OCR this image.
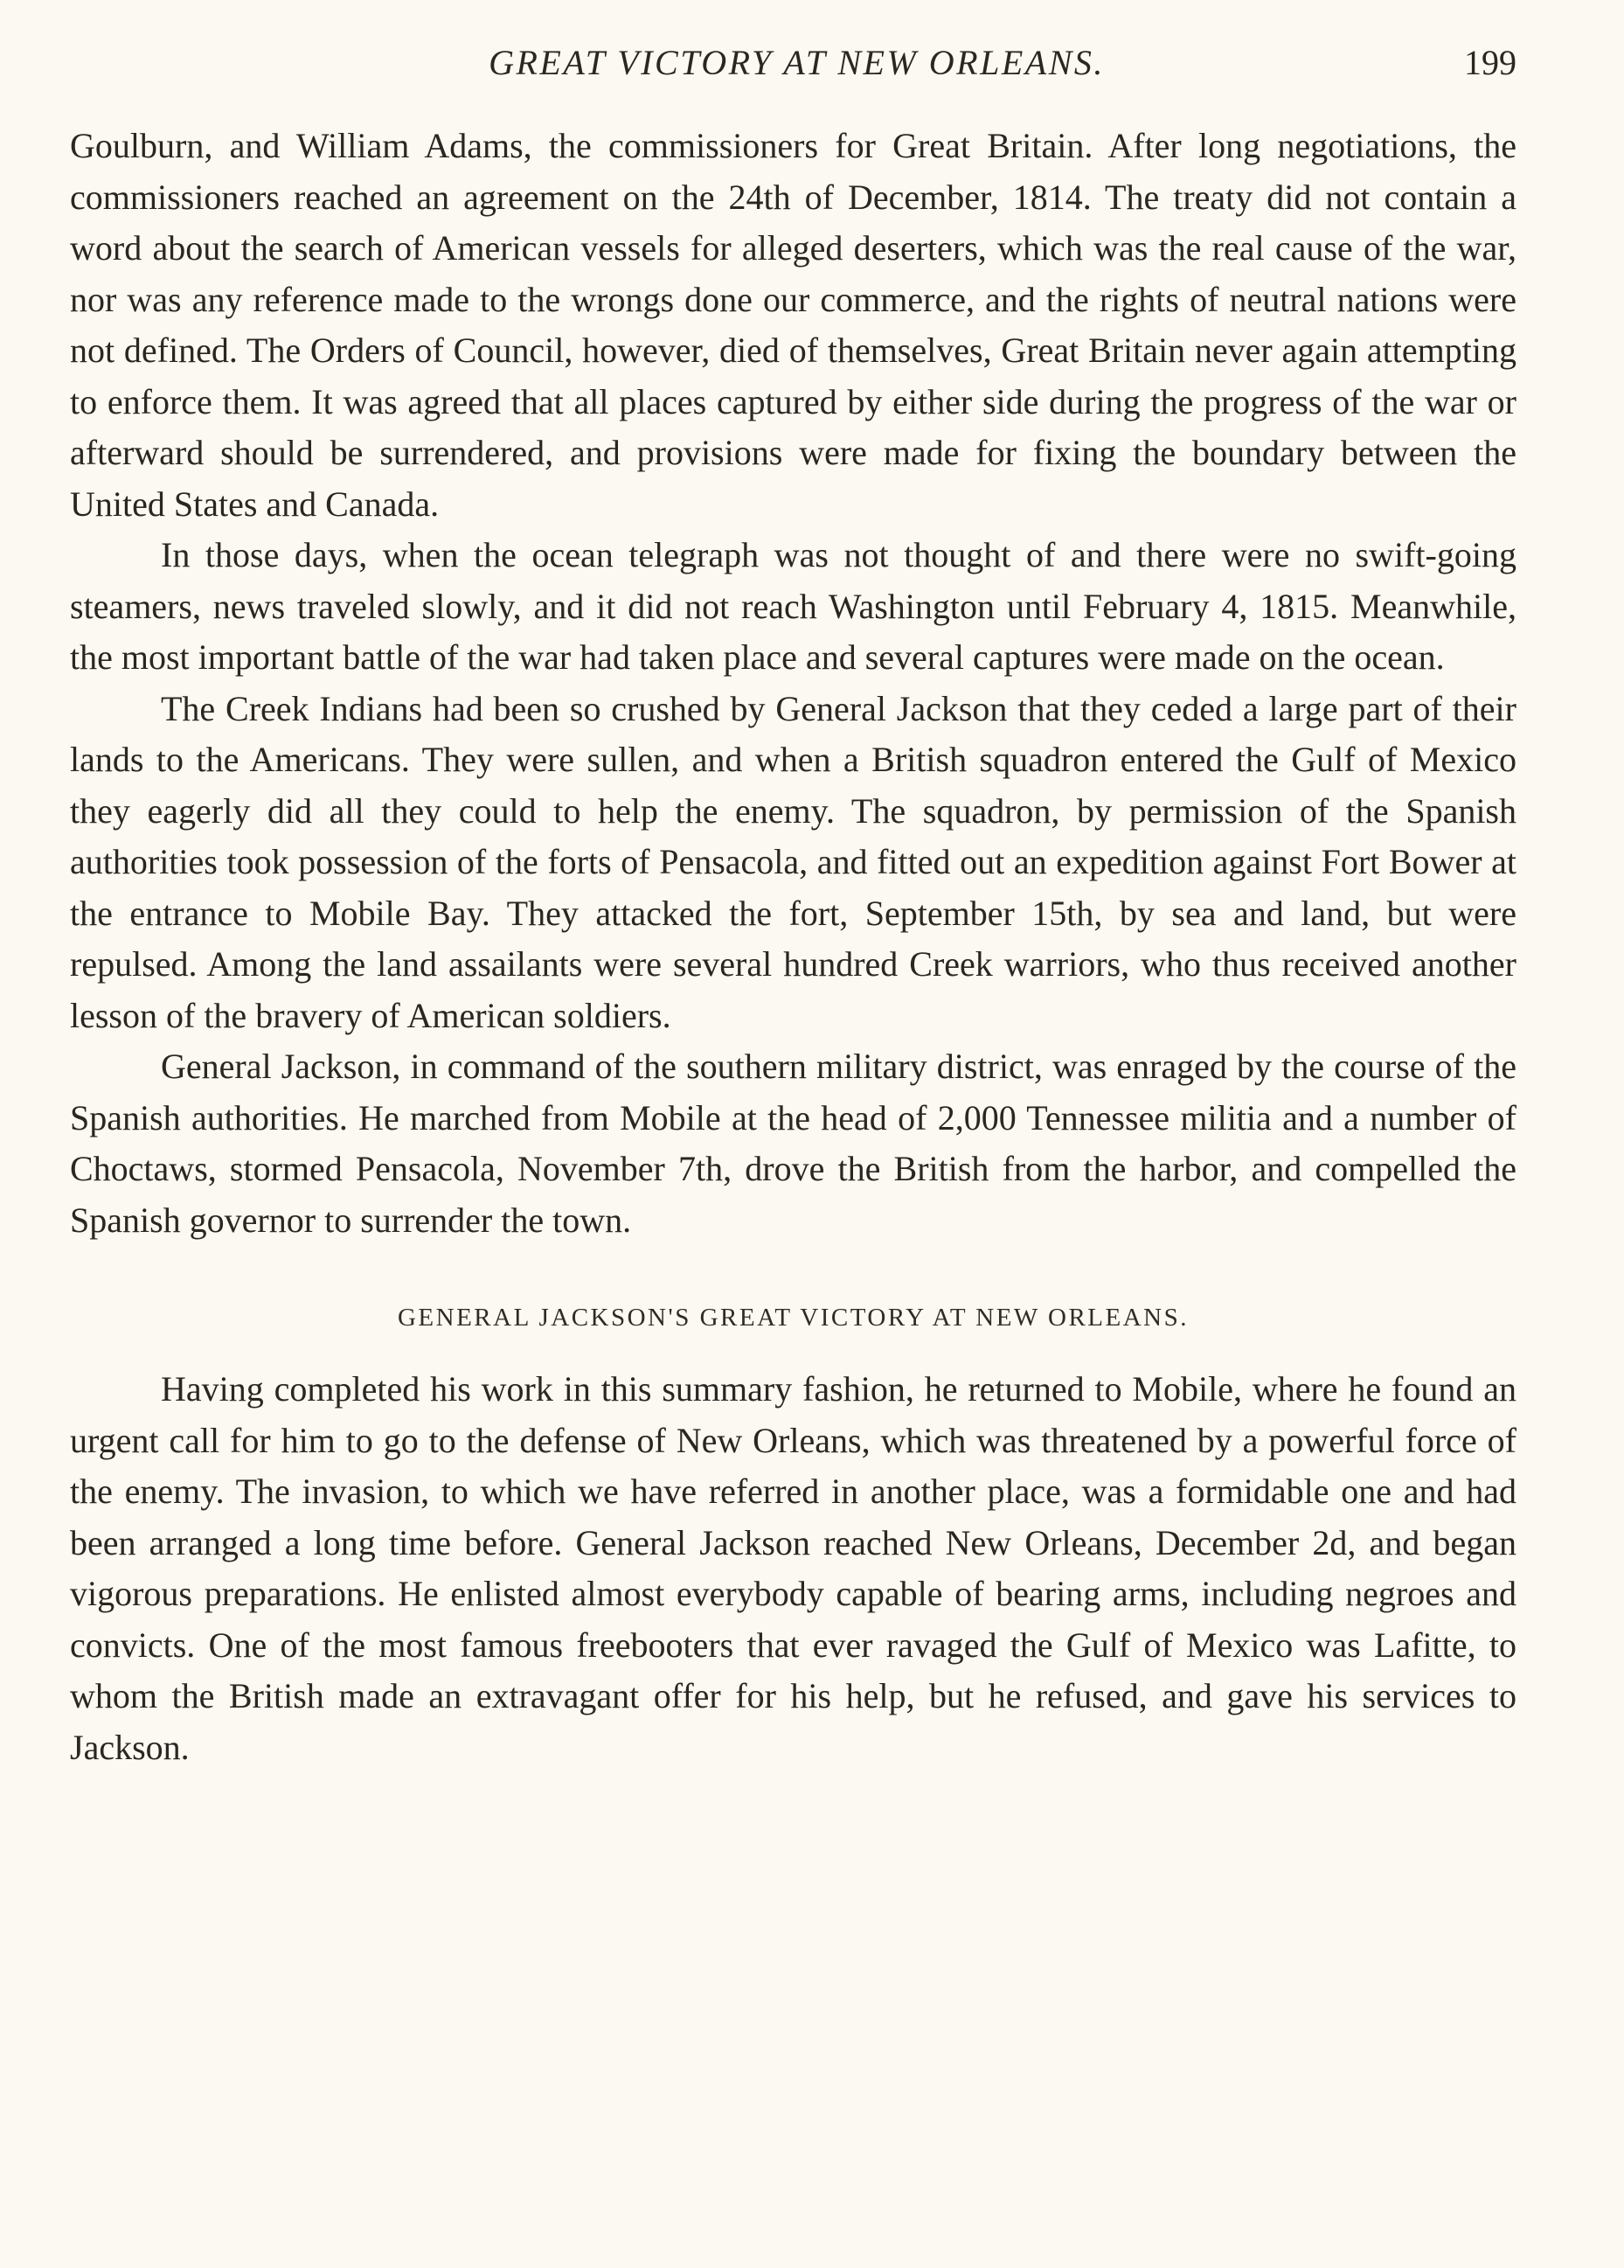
GREAT VICTORY AT NEW ORLEANS.	199

Goulburn, and William Adams, the commissioners for Great Britain. After long negotiations, the commissioners reached an agreement on the 24th of December, 1814. The treaty did not contain a word about the search of American vessels for alleged deserters, which was the real cause of the war, nor was any reference made to the wrongs done our commerce, and the rights of neutral nations were not defined. The Orders of Council, however, died of themselves, Great Britain never again attempting to enforce them. It was agreed that all places captured by either side during the progress of the war or afterward should be surrendered, and provisions were made for fixing the boundary between the United States and Canada.

In those days, when the ocean telegraph was not thought of and there were no swift-going steamers, news traveled slowly, and it did not reach Washington until February 4, 1815. Meanwhile, the most important battle of the war had taken place and several captures were made on the ocean.

The Creek Indians had been so crushed by General Jackson that they ceded a large part of their lands to the Americans. They were sullen, and when a British squadron entered the Gulf of Mexico they eagerly did all they could to help the enemy. The squadron, by permission of the Spanish authorities took possession of the forts of Pensacola, and fitted out an expedition against Fort Bower at the entrance to Mobile Bay. They attacked the fort, September 15th, by sea and land, but were repulsed. Among the land assailants were several hundred Creek warriors, who thus received another lesson of the bravery of American soldiers.

General Jackson, in command of the southern military district, was enraged by the course of the Spanish authorities. He marched from Mobile at the head of 2,000 Tennessee militia and a number of Choctaws, stormed Pensacola, November 7th, drove the British from the harbor, and compelled the Spanish governor to surrender the town.

GENERAL JACKSON'S GREAT VICTORY AT NEW ORLEANS.

Having completed his work in this summary fashion, he returned to Mobile, where he found an urgent call for him to go to the defense of New Orleans, which was threatened by a powerful force of the enemy. The invasion, to which we have referred in another place, was a formidable one and had been arranged a long time before. General Jackson reached New Orleans, December 2d, and began vigorous preparations. He enlisted almost everybody capable of bearing arms, including negroes and convicts. One of the most famous freebooters that ever ravaged the Gulf of Mexico was Lafitte, to whom the British made an extravagant offer for his help, but he refused, and gave his services to Jackson.
